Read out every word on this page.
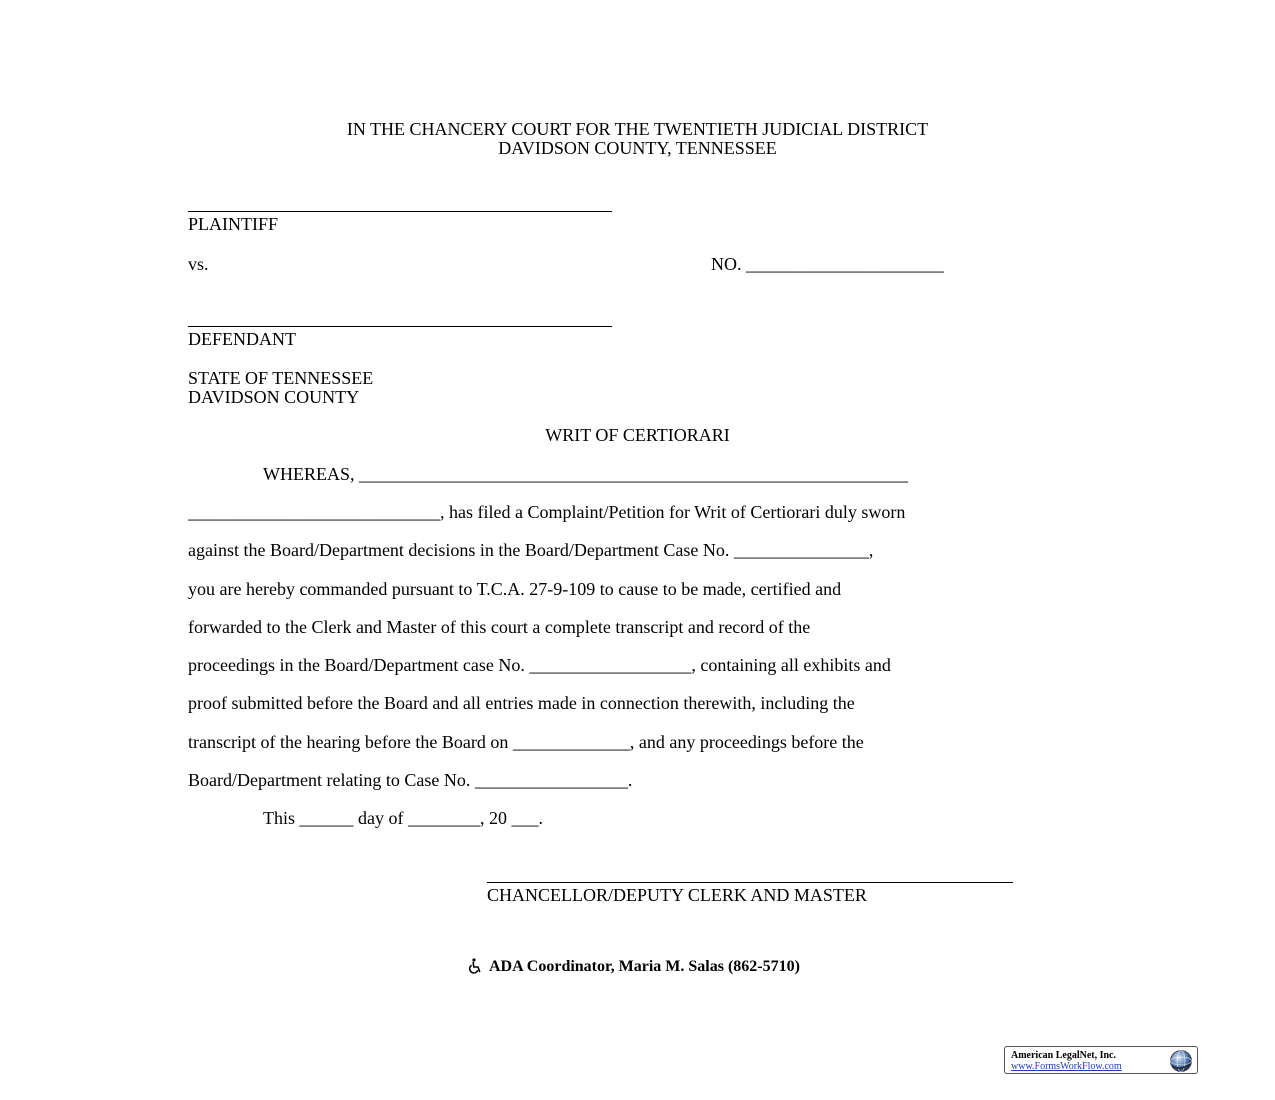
IN THE CHANCERY COURT FOR THE TWENTIETH JUDICIAL DISTRICT
DAVIDSON COUNTY, TENNESSEE
PLAINTIFF
vs.	NO. ______________________
DEFENDANT
STATE OF TENNESSEE
DAVIDSON COUNTY
WRIT OF CERTIORARI
WHEREAS, _____________________________________________________________
____________________________, has filed a Complaint/Petition for Writ of Certiorari duly sworn
against the Board/Department decisions in the Board/Department Case No. _______________,
you are hereby commanded pursuant to T.C.A. 27-9-109 to cause to be made, certified and
forwarded to the Clerk and Master of this court a complete transcript and record of the
proceedings in the Board/Department case No. __________________, containing all exhibits and
proof submitted before the Board and all entries made in connection therewith, including the
transcript of the hearing before the Board on _____________, and any proceedings before the
Board/Department relating to Case No. _________________.
This ______ day of ________, 20 ___.
CHANCELLOR/DEPUTY CLERK AND MASTER

ADA Coordinator, Maria M. Salas (862-5710)

American LegalNet, Inc.
www.FormsWorkFlow.com
